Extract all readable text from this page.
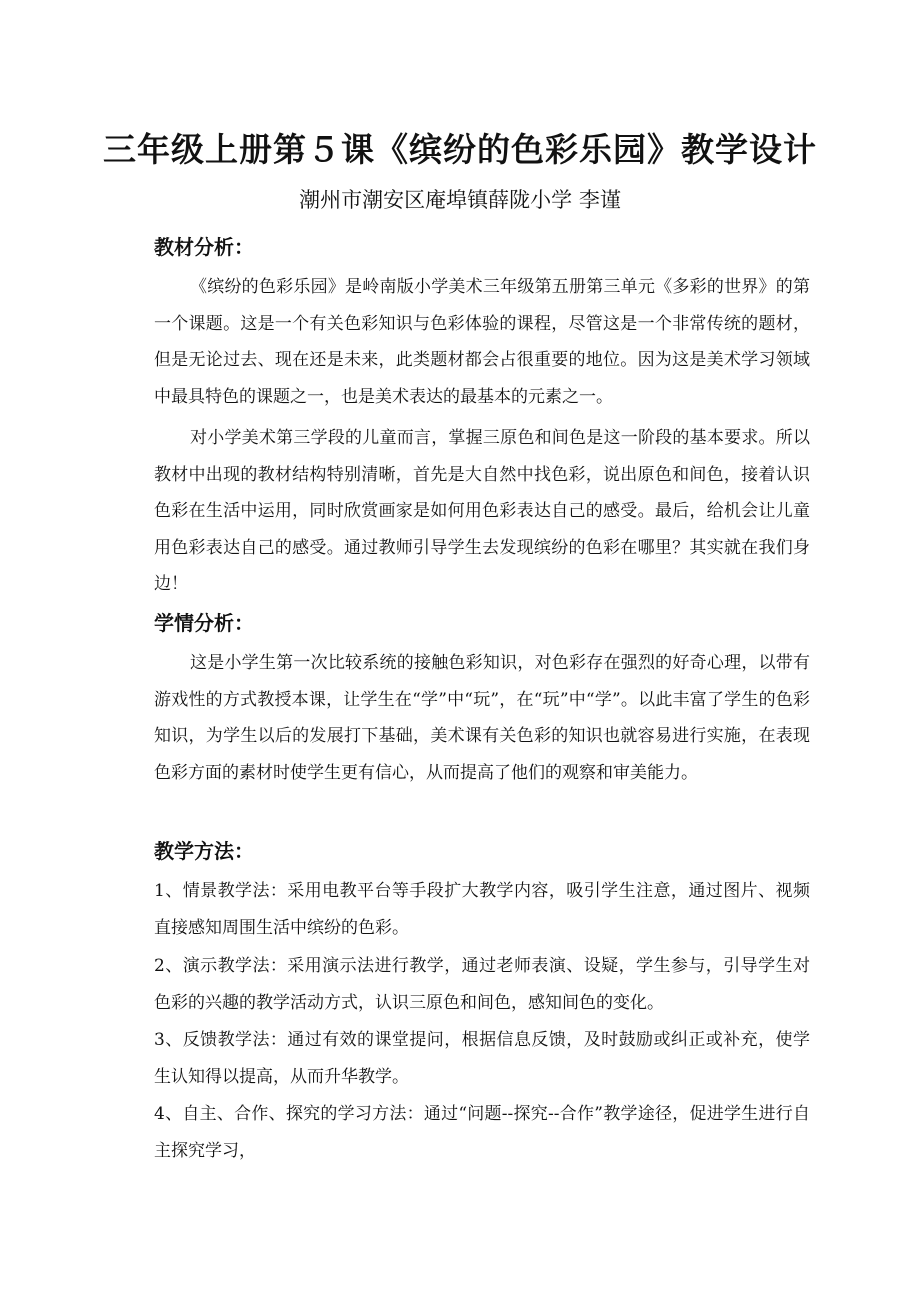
三年级上册第５课《缤纷的色彩乐园》教学设计
潮州市潮安区庵埠镇薛陇小学 李谨
教材分析：
《缤纷的色彩乐园》是岭南版小学美术三年级第五册第三单元《多彩的世界》的第一个课题。这是一个有关色彩知识与色彩体验的课程，尽管这是一个非常传统的题材，但是无论过去、现在还是未来，此类题材都会占很重要的地位。因为这是美术学习领域中最具特色的课题之一，也是美术表达的最基本的元素之一。
对小学美术第三学段的儿童而言，掌握三原色和间色是这一阶段的基本要求。所以教材中出现的教材结构特别清晰，首先是大自然中找色彩，说出原色和间色，接着认识色彩在生活中运用，同时欣赏画家是如何用色彩表达自己的感受。最后，给机会让儿童用色彩表达自己的感受。通过教师引导学生去发现缤纷的色彩在哪里？其实就在我们身边！
学情分析：
这是小学生第一次比较系统的接触色彩知识，对色彩存在强烈的好奇心理，以带有游戏性的方式教授本课，让学生在“学”中“玩”，在“玩”中“学”。以此丰富了学生的色彩知识，为学生以后的发展打下基础，美术课有关色彩的知识也就容易进行实施，在表现色彩方面的素材时使学生更有信心，从而提高了他们的观察和审美能力。
教学方法：
1、情景教学法：采用电教平台等手段扩大教学内容，吸引学生注意，通过图片、视频直接感知周围生活中缤纷的色彩。
2、演示教学法：采用演示法进行教学，通过老师表演、设疑，学生参与，引导学生对色彩的兴趣的教学活动方式，认识三原色和间色，感知间色的变化。
3、反馈教学法：通过有效的课堂提问，根据信息反馈，及时鼓励或纠正或补充，使学生认知得以提高，从而升华教学。
4、自主、合作、探究的学习方法：通过“问题--探究--合作”教学途径，促进学生进行自主探究学习，
